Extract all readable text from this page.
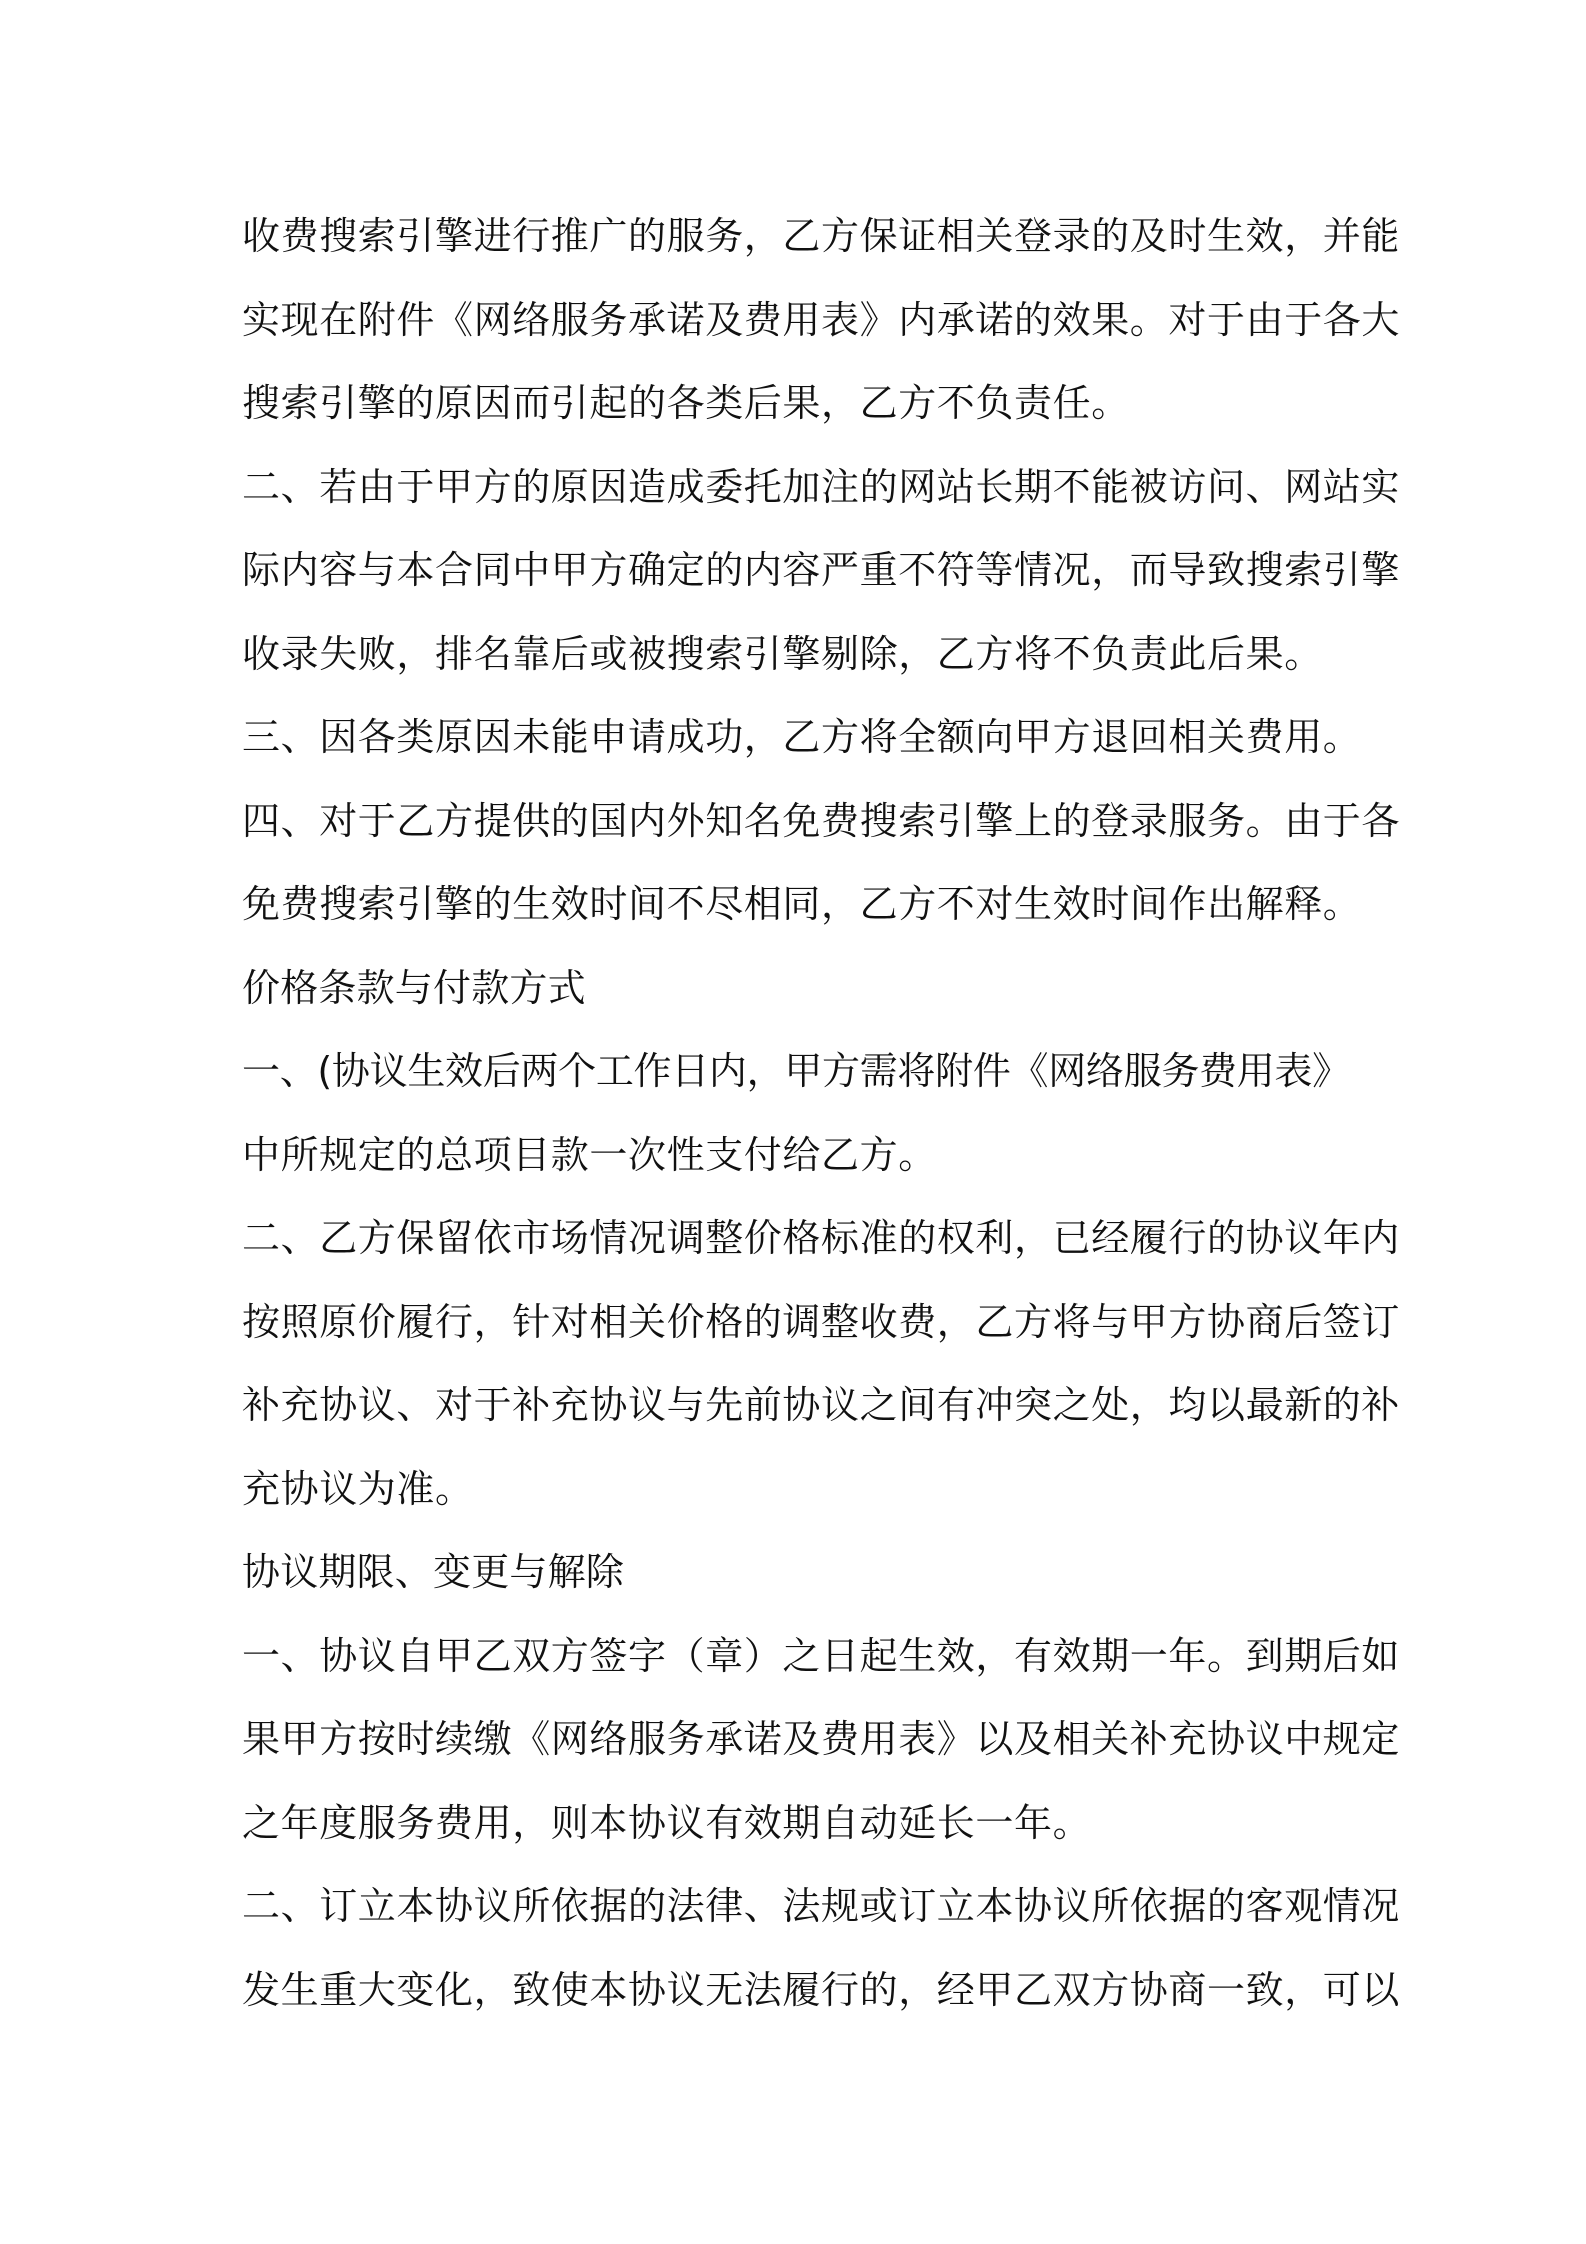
收费搜索引擎进行推广的服务，乙方保证相关登录的及时生效，并能
实现在附件《网络服务承诺及费用表》内承诺的效果。对于由于各大
搜索引擎的原因而引起的各类后果，乙方不负责任。
二、若由于甲方的原因造成委托加注的网站长期不能被访问、网站实
际内容与本合同中甲方确定的内容严重不符等情况，而导致搜索引擎
收录失败，排名靠后或被搜索引擎剔除，乙方将不负责此后果。
三、因各类原因未能申请成功，乙方将全额向甲方退回相关费用。
四、对于乙方提供的国内外知名免费搜索引擎上的登录服务。由于各
免费搜索引擎的生效时间不尽相同，乙方不对生效时间作出解释。
价格条款与付款方式
一、(协议生效后两个工作日内，甲方需将附件《网络服务费用表》
中所规定的总项目款一次性支付给乙方。
二、乙方保留依市场情况调整价格标准的权利，已经履行的协议年内
按照原价履行，针对相关价格的调整收费，乙方将与甲方协商后签订
补充协议、对于补充协议与先前协议之间有冲突之处，均以最新的补
充协议为准。
协议期限、变更与解除
一、协议自甲乙双方签字（章）之日起生效，有效期一年。到期后如
果甲方按时续缴《网络服务承诺及费用表》以及相关补充协议中规定
之年度服务费用，则本协议有效期自动延长一年。
二、订立本协议所依据的法律、法规或订立本协议所依据的客观情况
发生重大变化，致使本协议无法履行的，经甲乙双方协商一致，可以
